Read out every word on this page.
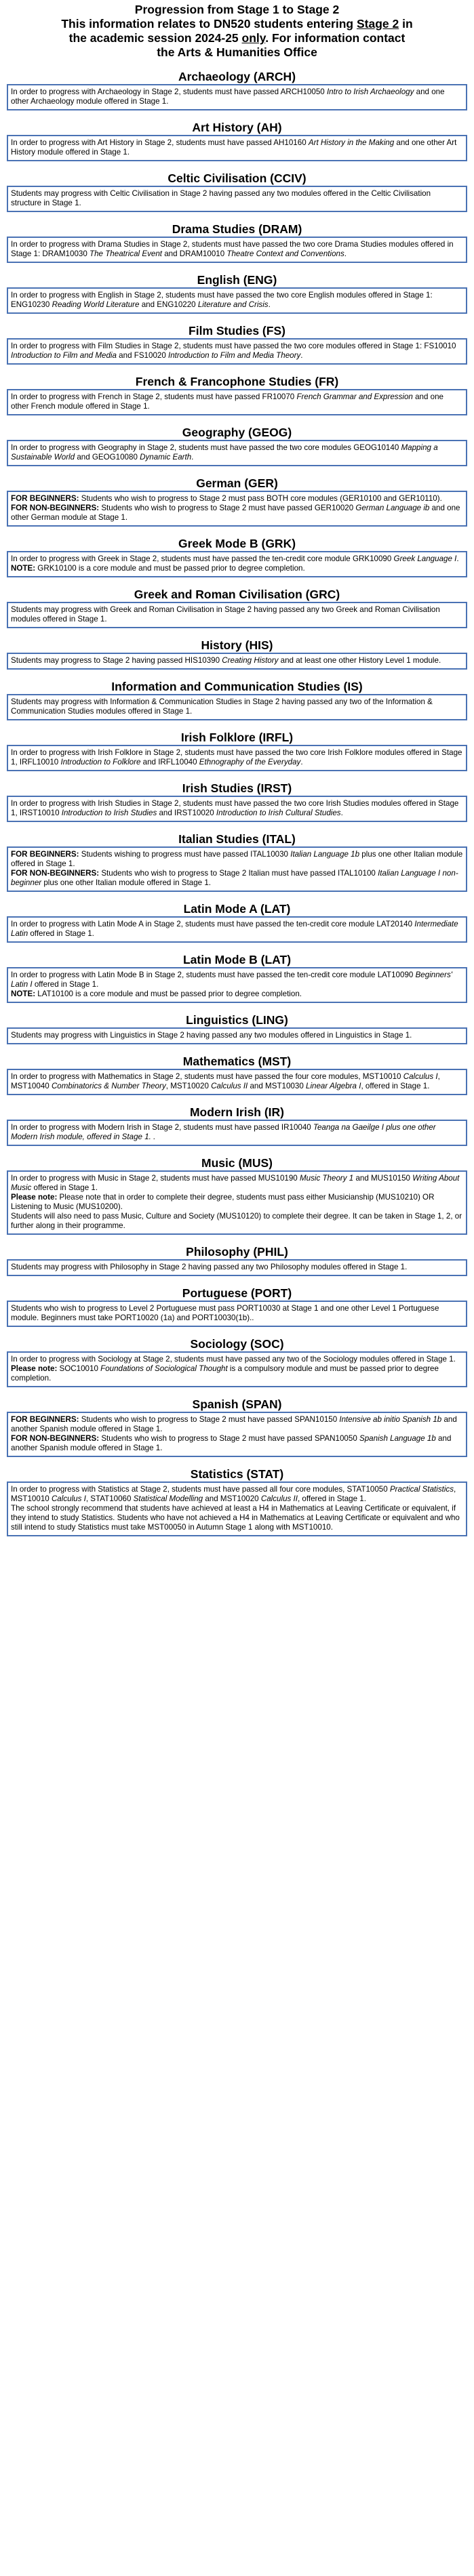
Progression from Stage 1 to Stage 2
This information relates to DN520 students entering Stage 2 in
the academic session 2024-25 only. For information contact
the Arts & Humanities Office
Archaeology (ARCH)

In order to progress with Archaeology in Stage 2, students must have passed ARCH10050 Intro to Irish Archaeology and one other Archaeology module offered in Stage 1.

Art History (AH)

In order to progress with Art History in Stage 2, students must have passed AH10160 Art History in the Making and one other Art History module offered in Stage 1.

Celtic Civilisation (CCIV)

Students may progress with Celtic Civilisation in Stage 2 having passed any two modules offered in the Celtic Civilisation structure in Stage 1.

Drama Studies (DRAM)

In order to progress with Drama Studies in Stage 2, students must have passed the two core Drama Studies modules offered in Stage 1: DRAM10030 The Theatrical Event and DRAM10010 Theatre Context and Conventions.

English (ENG)

In order to progress with English in Stage 2, students must have passed the two core English modules offered in Stage 1: ENG10230 Reading World Literature and ENG10220 Literature and Crisis.

Film Studies (FS)

In order to progress with Film Studies in Stage 2, students must have passed the two core modules offered in Stage 1: FS10010 Introduction to Film and Media and FS10020 Introduction to Film and Media Theory.

French & Francophone Studies (FR)

In order to progress with French in Stage 2, students must have passed FR10070 French Grammar and Expression and one other French module offered in Stage 1.

Geography (GEOG)

In order to progress with Geography in Stage 2, students must have passed the two core modules GEOG10140 Mapping a Sustainable World and GEOG10080 Dynamic Earth.

German (GER)

FOR BEGINNERS: Students who wish to progress to Stage 2 must pass BOTH core modules (GER10100 and GER10110).
FOR NON-BEGINNERS: Students who wish to progress to Stage 2 must have passed GER10020 German Language ib and one other German module at Stage 1.

Greek Mode B (GRK)

In order to progress with Greek in Stage 2, students must have passed the ten-credit core module GRK10090 Greek Language I.
NOTE: GRK10100 is a core module and must be passed prior to degree completion.

Greek and Roman Civilisation (GRC)

Students may progress with Greek and Roman Civilisation in Stage 2 having passed any two Greek and Roman Civilisation modules offered in Stage 1.

History (HIS)

Students may progress to Stage 2 having passed HIS10390 Creating History and at least one other History Level 1 module.

Information and Communication Studies (IS)

Students may progress with Information & Communication Studies in Stage 2 having passed any two of the Information & Communication Studies modules offered in Stage 1.

Irish Folklore (IRFL)

In order to progress with Irish Folklore in Stage 2, students must have passed the two core Irish Folklore modules offered in Stage 1, IRFL10010 Introduction to Folklore and IRFL10040 Ethnography of the Everyday.

Irish Studies (IRST)

In order to progress with Irish Studies in Stage 2, students must have passed the two core Irish Studies modules offered in Stage 1, IRST10010 Introduction to Irish Studies and IRST10020 Introduction to Irish Cultural Studies.

Italian Studies (ITAL)

FOR BEGINNERS: Students wishing to progress must have passed ITAL10030 Italian Language 1b plus one other Italian module offered in Stage 1.
FOR NON-BEGINNERS: Students who wish to progress to Stage 2 Italian must have passed ITAL10100 Italian Language I non-beginner plus one other Italian module offered in Stage 1.

Latin Mode A (LAT)

In order to progress with Latin Mode A in Stage 2, students must have passed the ten-credit core module LAT20140 Intermediate Latin offered in Stage 1.

Latin Mode B (LAT)

In order to progress with Latin Mode B in Stage 2, students must have passed the ten-credit core module LAT10090 Beginners' Latin I offered in Stage 1.
NOTE: LAT10100 is a core module and must be passed prior to degree completion.

Linguistics (LING)

Students may progress with Linguistics in Stage 2 having passed any two modules offered in Linguistics in Stage 1.

Mathematics (MST)

In order to progress with Mathematics in Stage 2, students must have passed the four core modules, MST10010 Calculus I, MST10040 Combinatorics & Number Theory, MST10020 Calculus II and MST10030 Linear Algebra I, offered in Stage 1.

Modern Irish (IR)

In order to progress with Modern Irish in Stage 2, students must have passed IR10040 Teanga na Gaeilge I plus one other Modern Irish module, offered in Stage 1. .

Music (MUS)

In order to progress with Music in Stage 2, students must have passed MUS10190 Music Theory 1 and MUS10150 Writing About Music offered in Stage 1.
Please note: Please note that in order to complete their degree, students must pass either Musicianship (MUS10210) OR Listening to Music (MUS10200).
Students will also need to pass Music, Culture and Society (MUS10120) to complete their degree. It can be taken in Stage 1, 2, or further along in their programme.

Philosophy (PHIL)

Students may progress with Philosophy in Stage 2 having passed any two Philosophy modules offered in Stage 1.

Portuguese (PORT)

Students who wish to progress to Level 2 Portuguese must pass PORT10030 at Stage 1 and one other Level 1 Portuguese module. Beginners must take PORT10020 (1a) and PORT10030(1b)..

Sociology (SOC)

In order to progress with Sociology at Stage 2, students must have passed any two of the Sociology modules offered in Stage 1.
Please note: SOC10010 Foundations of Sociological Thought is a compulsory module and must be passed prior to degree completion.

Spanish (SPAN)

FOR BEGINNERS: Students who wish to progress to Stage 2 must have passed SPAN10150 Intensive ab initio Spanish 1b and another Spanish module offered in Stage 1.
FOR NON-BEGINNERS: Students who wish to progress to Stage 2 must have passed SPAN10050 Spanish Language 1b and another Spanish module offered in Stage 1.

Statistics (STAT)

In order to progress with Statistics at Stage 2, students must have passed all four core modules, STAT10050 Practical Statistics, MST10010 Calculus I, STAT10060 Statistical Modelling and MST10020 Calculus II, offered in Stage 1.
The school strongly recommend that students have achieved at least a H4 in Mathematics at Leaving Certificate or equivalent, if they intend to study Statistics. Students who have not achieved a H4 in Mathematics at Leaving Certificate or equivalent and who still intend to study Statistics must take MST00050 in Autumn Stage 1 along with MST10010.
